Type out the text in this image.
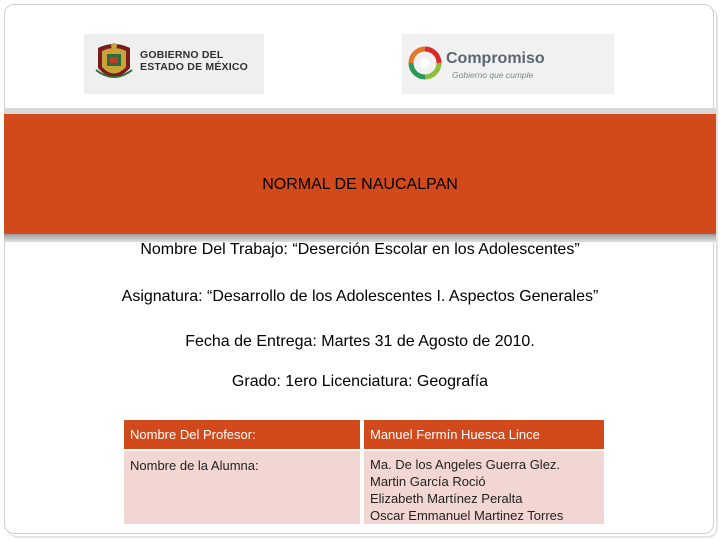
GOBIERNO DEL
ESTADO DE MÉXICO	Compromiso
Gobierno que cumple
NORMAL DE NAUCALPAN
Nombre Del Trabajo: “Deserción Escolar en los Adolescentes”
Asignatura: “Desarrollo de los Adolescentes I. Aspectos Generales”
Fecha de Entrega: Martes 31 de Agosto de 2010.
Grado: 1ero Licenciatura: Geografía
Nombre Del Profesor:	Manuel Fermín Huesca Lince
Nombre de la Alumna:	Ma. De los Angeles Guerra Glez.
Martin García Roció
Elizabeth Martínez Peralta
Oscar Emmanuel Martinez Torres
